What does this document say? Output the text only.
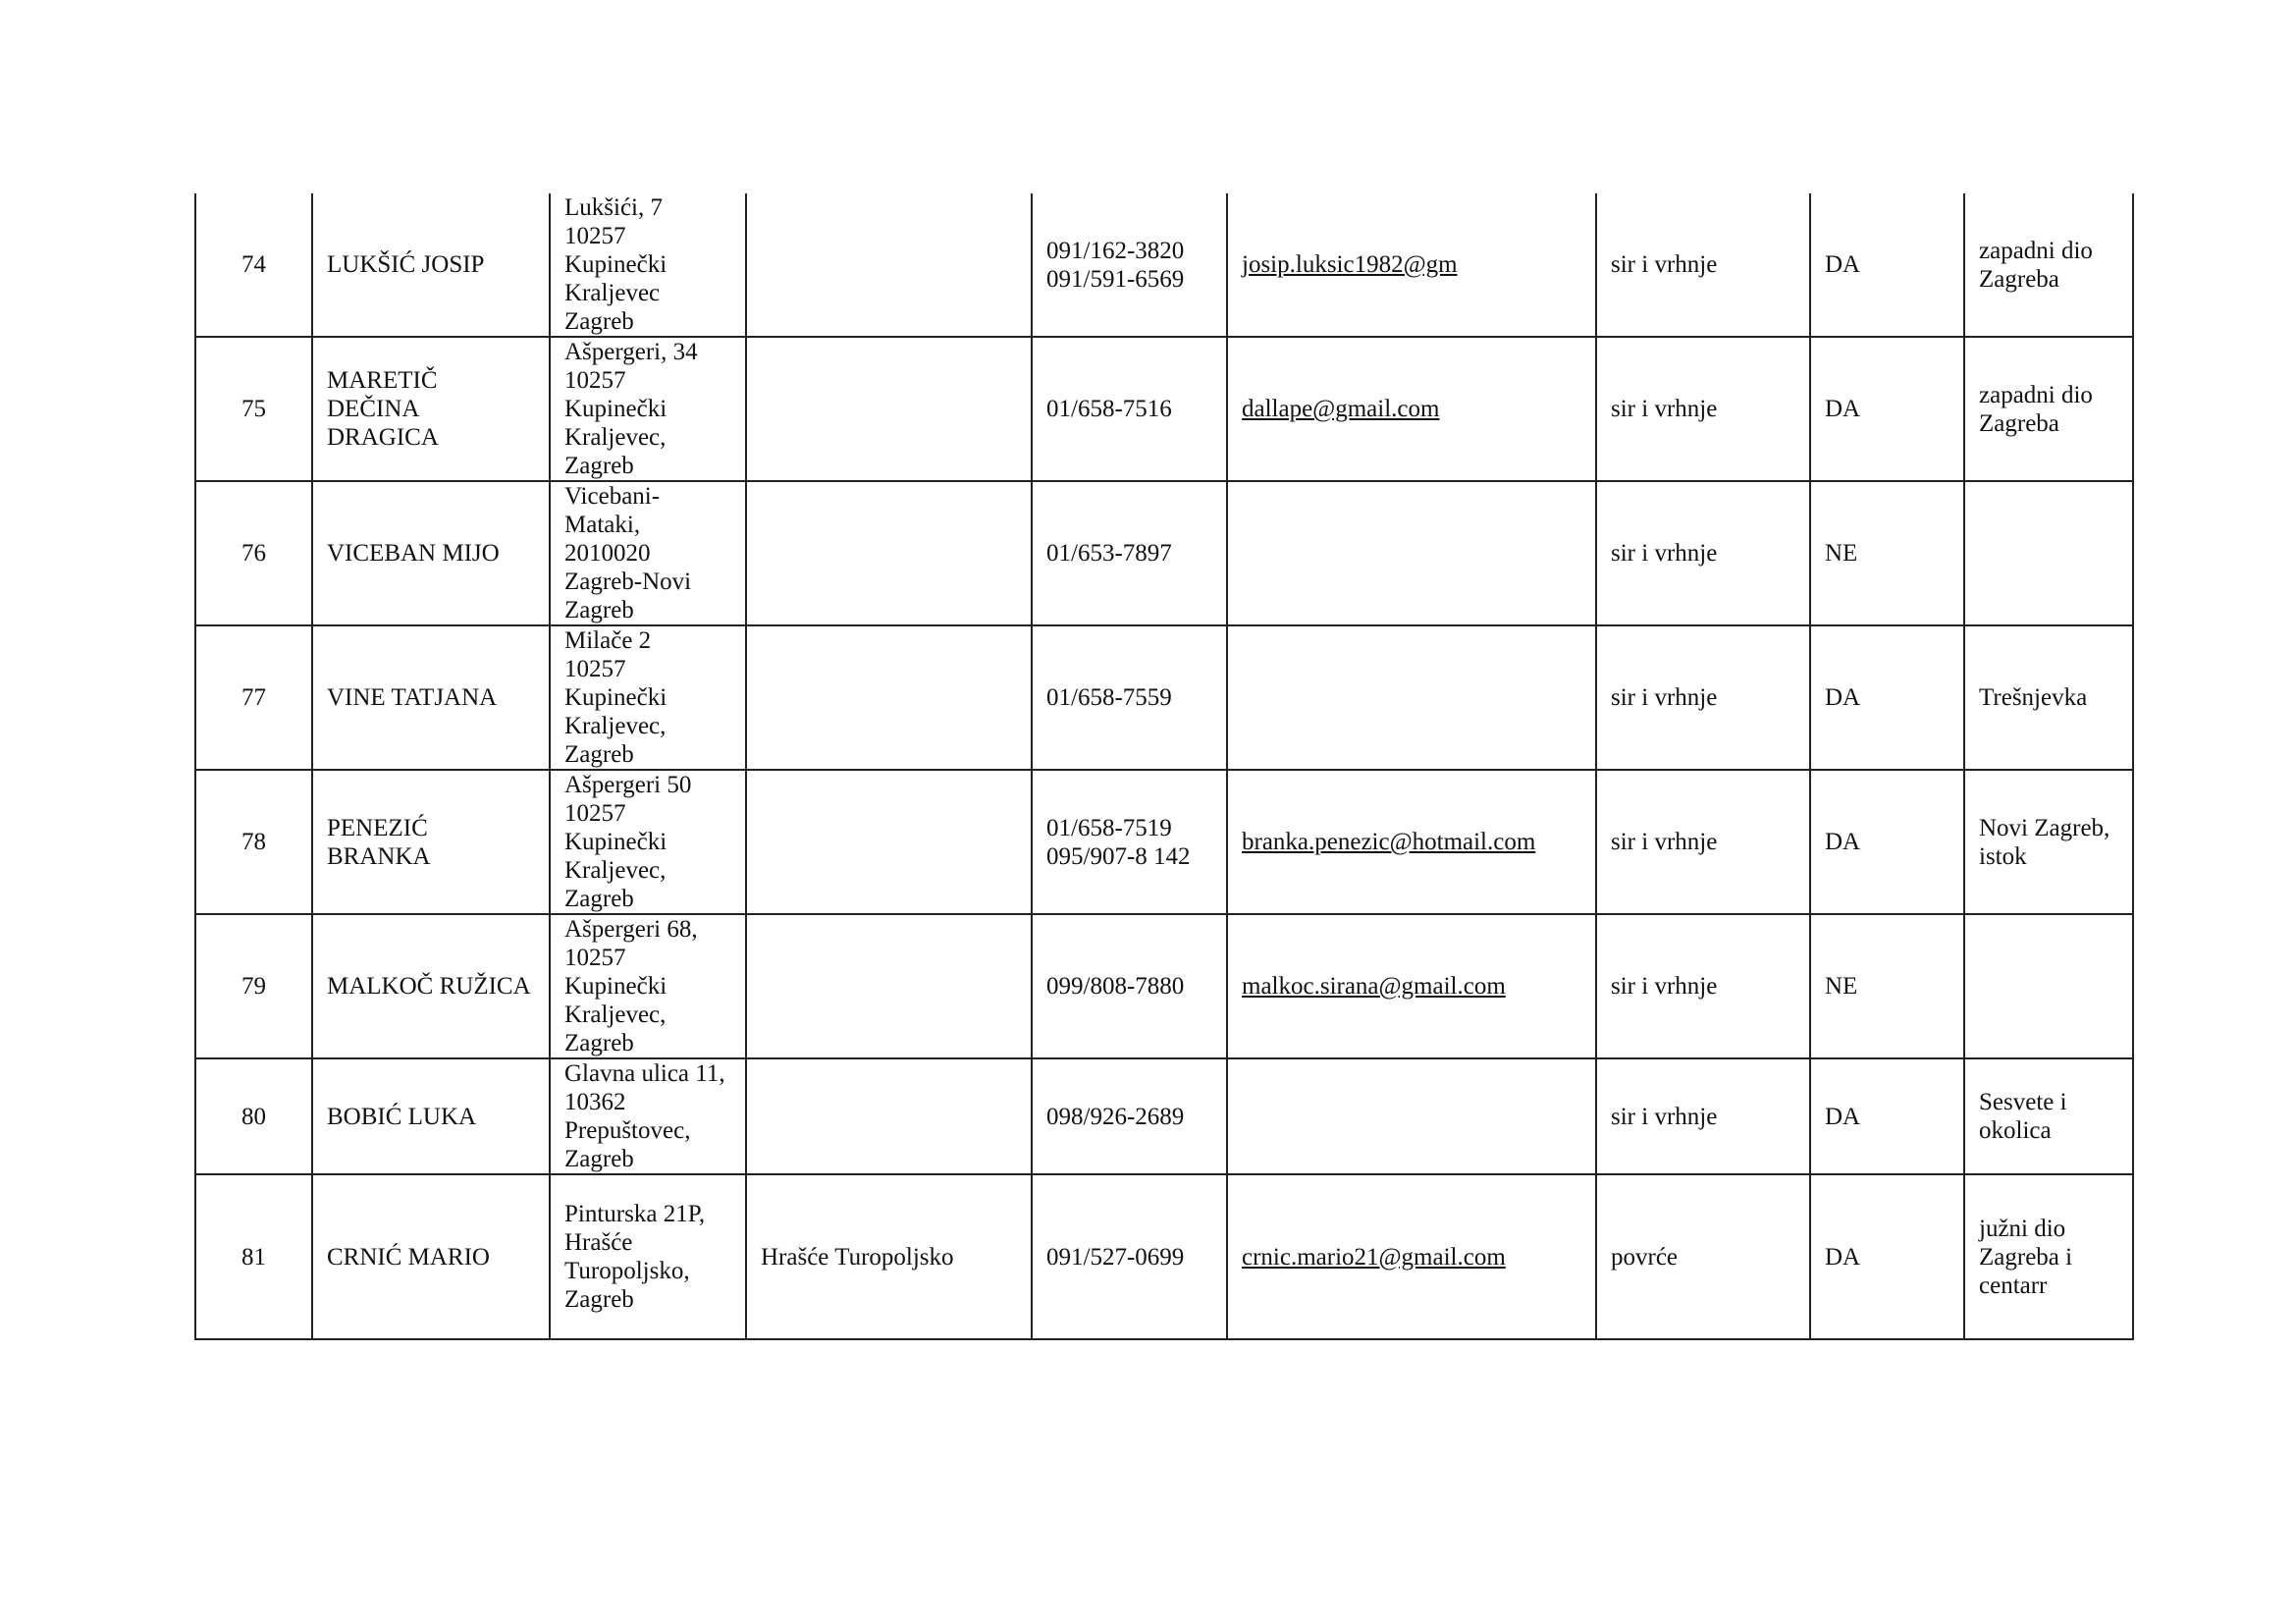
74	LUKŠIĆ JOSIP	Lukšići, 7
10257
Kupinečki
Kraljevec
Zagreb		091/162-3820
091/591-6569	josip.luksic1982@gm	sir i vrhnje	DA	zapadni dio
Zagreba
75	MARETIČ
DEČINA
DRAGICA	Ašpergeri, 34
10257
Kupinečki
Kraljevec,
Zagreb		01/658-7516	dallape@gmail.com	sir i vrhnje	DA	zapadni dio
Zagreba
76	VICEBAN MIJO	Vicebani-
Mataki,
2010020
Zagreb-Novi
Zagreb		01/653-7897		sir i vrhnje	NE	
77	VINE TATJANA	Milače 2
10257
Kupinečki
Kraljevec,
Zagreb		01/658-7559		sir i vrhnje	DA	Trešnjevka
78	PENEZIĆ
BRANKA	Ašpergeri 50
10257
Kupinečki
Kraljevec,
Zagreb		01/658-7519
095/907-8 142	branka.penezic@hotmail.com	sir i vrhnje	DA	Novi Zagreb,
istok
79	MALKOČ RUŽICA	Ašpergeri 68,
10257
Kupinečki
Kraljevec,
Zagreb		099/808-7880	malkoc.sirana@gmail.com	sir i vrhnje	NE	
80	BOBIĆ LUKA	Glavna ulica 11,
10362
Prepuštovec,
Zagreb		098/926-2689		sir i vrhnje	DA	Sesvete i
okolica
81	CRNIĆ MARIO	Pinturska 21P,
Hrašće
Turopoljsko,
Zagreb	Hrašće Turopoljsko	091/527-0699	crnic.mario21@gmail.com	povrće	DA	južni dio
Zagreba i
centarr
